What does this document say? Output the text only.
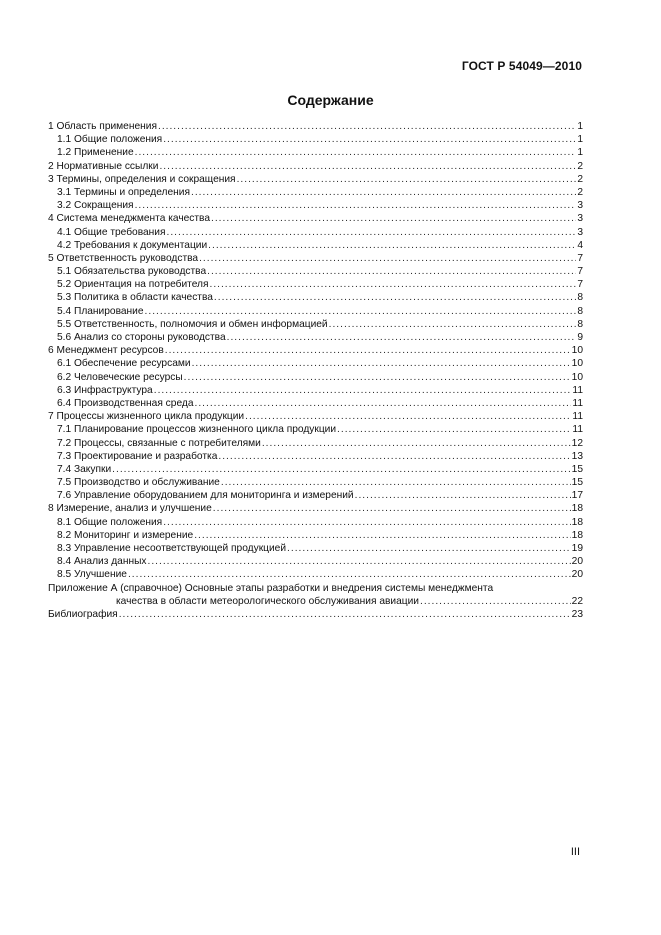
ГОСТ Р 54049—2010
Содержание
1 Область применения .....	1
1.1 Общие положения .....	1
1.2 Применение .....	1
2 Нормативные ссылки .....	2
3 Термины, определения и сокращения .....	2
3.1 Термины и определения .....	2
3.2 Сокращения .....	3
4 Система менеджмента качества .....	3
4.1 Общие требования .....	3
4.2 Требования к документации .....	4
5 Ответственность руководства .....	7
5.1 Обязательства руководства .....	7
5.2 Ориентация на потребителя .....	7
5.3 Политика в области качества .....	8
5.4 Планирование .....	8
5.5 Ответственность, полномочия и обмен информацией .....	8
5.6 Анализ со стороны руководства .....	9
6 Менеджмент ресурсов .....	10
6.1 Обеспечение ресурсами .....	10
6.2 Человеческие ресурсы .....	10
6.3 Инфраструктура .....	11
6.4 Производственная среда .....	11
7 Процессы жизненного цикла продукции .....	11
7.1 Планирование процессов жизненного цикла продукции .....	11
7.2 Процессы, связанные с потребителями .....	12
7.3 Проектирование и разработка .....	13
7.4 Закупки .....	15
7.5 Производство и обслуживание .....	15
7.6 Управление оборудованием для мониторинга и измерений .....	17
8 Измерение, анализ и улучшение .....	18
8.1 Общие положения .....	18
8.2 Мониторинг и измерение .....	18
8.3 Управление несоответствующей продукцией .....	19
8.4 Анализ данных .....	20
8.5 Улучшение .....	20
Приложение А (справочное) Основные этапы разработки и внедрения системы менеджмента
качества в области метеорологического обслуживания авиации .....	22
Библиография .....	23
III
